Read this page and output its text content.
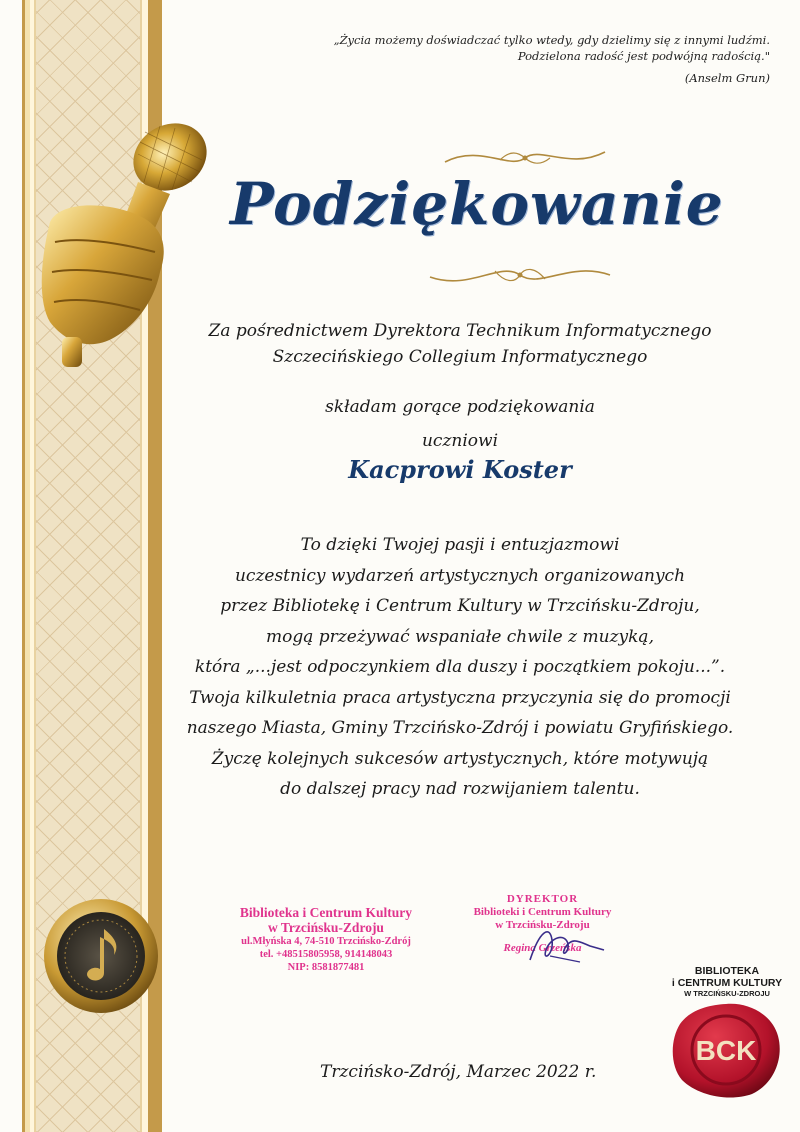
„Życia możemy doświadczać tylko wtedy, gdy dzielimy się z innymi ludźmi.
Podzielona radość jest podwójną radością."
(Anselm Grun)
Podziękowanie
Za pośrednictwem Dyrektora Technikum Informatycznego
Szczecińskiego Collegium Informatycznego
składam gorące podziękowania
uczniowi
Kacprowi Koster
To dzięki Twojej pasji i entuzjazmowi
uczestnicy wydarzeń artystycznych organizowanych
przez Bibliotekę i Centrum Kultury w Trzcińsku-Zdroju,
mogą przeżywać wspaniałe chwile z muzyką,
która „...jest odpoczynkiem dla duszy i początkiem pokoju...”.
Twoja kilkuletnia praca artystyczna przyczynia się do promocji
naszego Miasta, Gminy Trzcińsko-Zdrój i powiatu Gryfińskiego.
Życzę kolejnych sukcesów artystycznych, które motywują
do dalszej pracy nad rozwijaniem talentu.
Biblioteka i Centrum Kultury
w Trzcińsku-Zdroju
ul.Młyńska 4, 74-510 Trzcińsko-Zdrój
tel. +48515805958, 914148043
NIP: 8581877481
DYREKTOR
Biblioteki i Centrum Kultury
w Trzcińsku-Zdroju
Regina Grzeńska
Trzcińsko-Zdrój, Marzec 2022 r.
BIBLIOTEKA
i CENTRUM KULTURY
W TRZCIŃSKU-ZDROJU
BCK
